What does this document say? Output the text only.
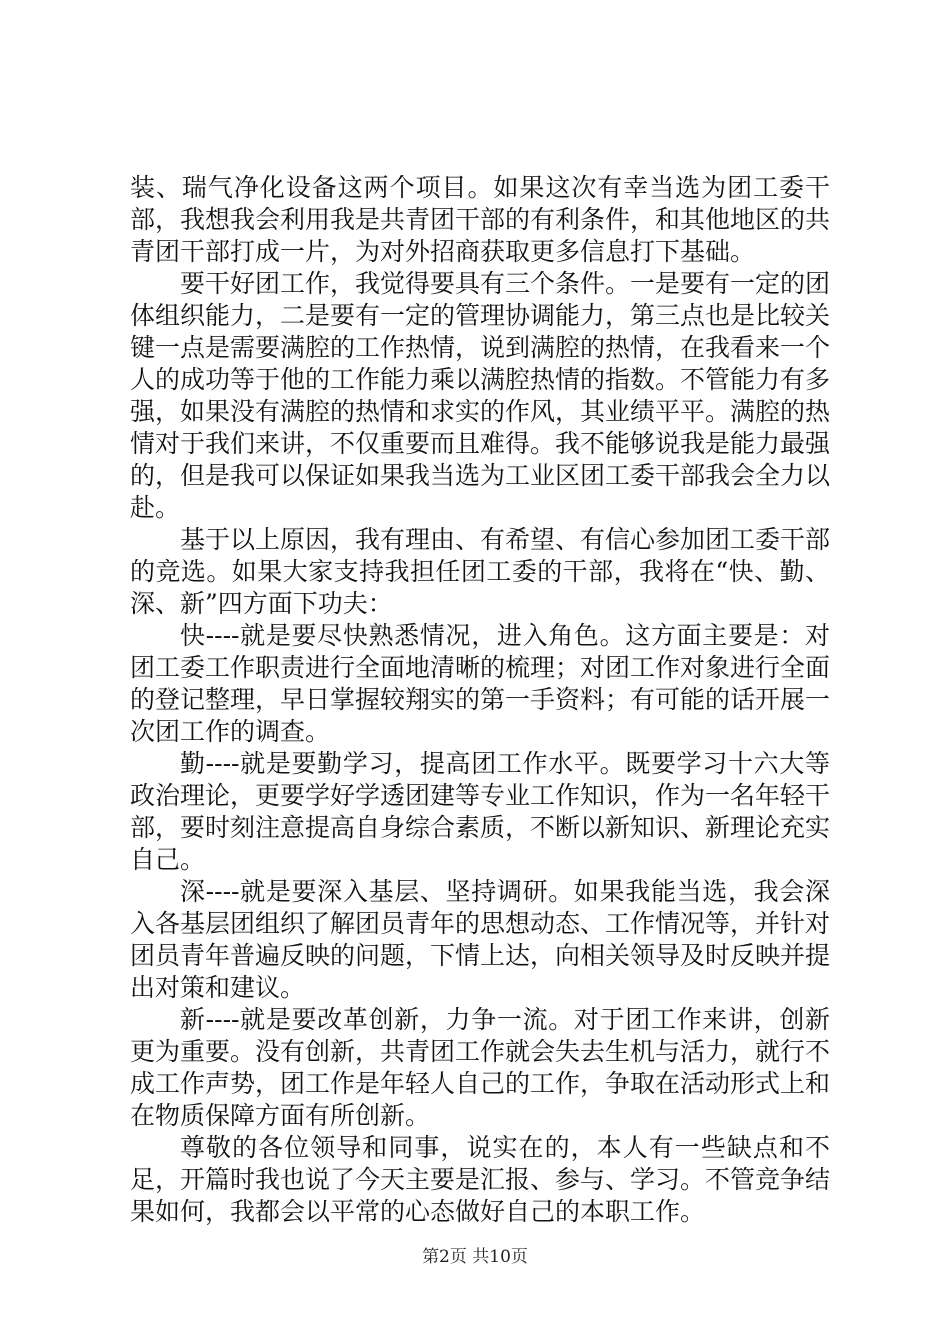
装、瑞气净化设备这两个项目。如果这次有幸当选为团工委干部，我想我会利用我是共青团干部的有利条件，和其他地区的共青团干部打成一片，为对外招商获取更多信息打下基础。

要干好团工作，我觉得要具有三个条件。一是要有一定的团体组织能力，二是要有一定的管理协调能力，第三点也是比较关键一点是需要满腔的工作热情，说到满腔的热情，在我看来一个人的成功等于他的工作能力乘以满腔热情的指数。不管能力有多强，如果没有满腔的热情和求实的作风，其业绩平平。满腔的热情对于我们来讲，不仅重要而且难得。我不能够说我是能力最强的，但是我可以保证如果我当选为工业区团工委干部我会全力以赴。

基于以上原因，我有理由、有希望、有信心参加团工委干部的竞选。如果大家支持我担任团工委的干部，我将在“快、勤、深、新”四方面下功夫：

快----就是要尽快熟悉情况，进入角色。这方面主要是：对团工委工作职责进行全面地清晰的梳理；对团工作对象进行全面的登记整理，早日掌握较翔实的第一手资料；有可能的话开展一次团工作的调查。

勤----就是要勤学习，提高团工作水平。既要学习十六大等政治理论，更要学好学透团建等专业工作知识，作为一名年轻干部，要时刻注意提高自身综合素质，不断以新知识、新理论充实自己。

深----就是要深入基层、坚持调研。如果我能当选，我会深入各基层团组织了解团员青年的思想动态、工作情况等，并针对团员青年普遍反映的问题，下情上达，向相关领导及时反映并提出对策和建议。

新----就是要改革创新，力争一流。对于团工作来讲，创新更为重要。没有创新，共青团工作就会失去生机与活力，就行不成工作声势，团工作是年轻人自己的工作，争取在活动形式上和在物质保障方面有所创新。

尊敬的各位领导和同事，说实在的，本人有一些缺点和不足，开篇时我也说了今天主要是汇报、参与、学习。不管竞争结果如何，我都会以平常的心态做好自己的本职工作。

第2页 共10页
